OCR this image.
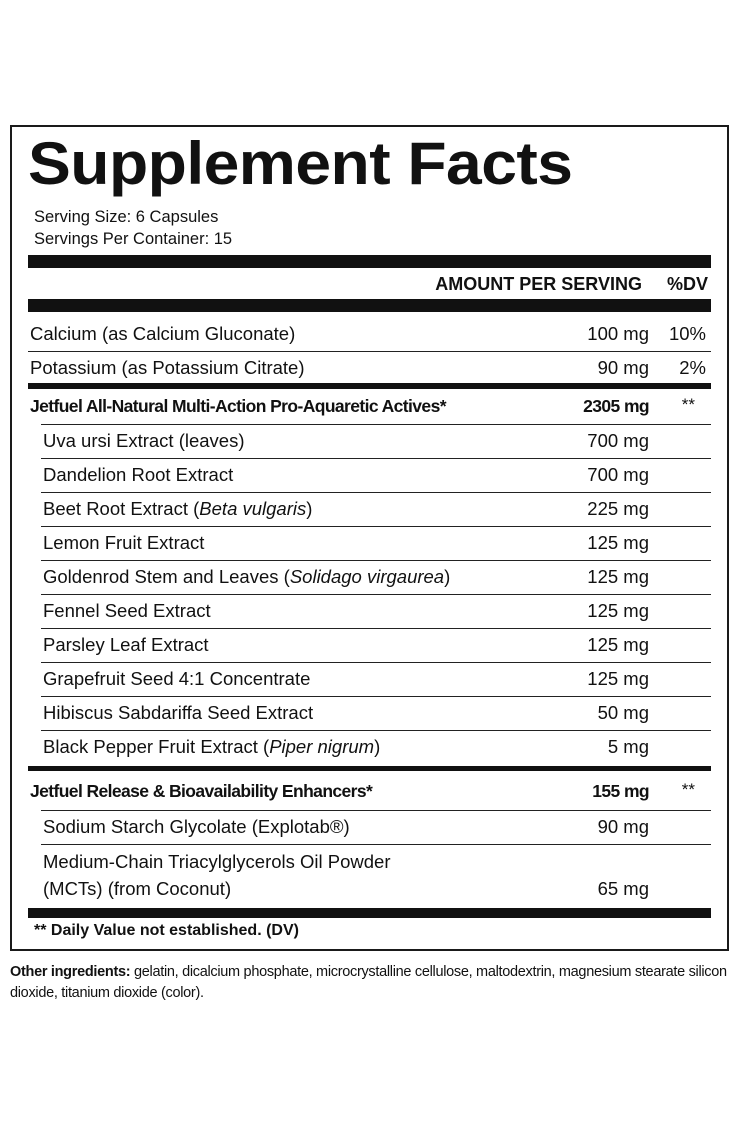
Supplement Facts
Serving Size: 6 Capsules
Servings Per Container: 15
AMOUNT PER SERVING %DV
Calcium (as Calcium Gluconate)	100 mg 10%
Potassium (as Potassium Citrate)	90 mg 2%
Jetfuel All-Natural Multi-Action Pro-Aquaretic Actives*	2305 mg **
Uva ursi Extract (leaves)	700 mg
Dandelion Root Extract	700 mg
Beet Root Extract (Beta vulgaris)	225 mg
Lemon Fruit Extract	125 mg
Goldenrod Stem and Leaves (Solidago virgaurea)	125 mg
Fennel Seed Extract	125 mg
Parsley Leaf Extract	125 mg
Grapefruit Seed 4:1 Concentrate	125 mg
Hibiscus Sabdariffa Seed Extract	50 mg
Black Pepper Fruit Extract (Piper nigrum)	5 mg
Jetfuel Release & Bioavailability Enhancers*	155 mg **
Sodium Starch Glycolate (Explotab®)	90 mg
Medium-Chain Triacylglycerols Oil Powder
(MCTs) (from Coconut)	65 mg
** Daily Value not established. (DV)
Other ingredients: gelatin, dicalcium phosphate, microcrystalline cellulose, maltodextrin, magnesium stearate silicon dioxide, titanium dioxide (color).
